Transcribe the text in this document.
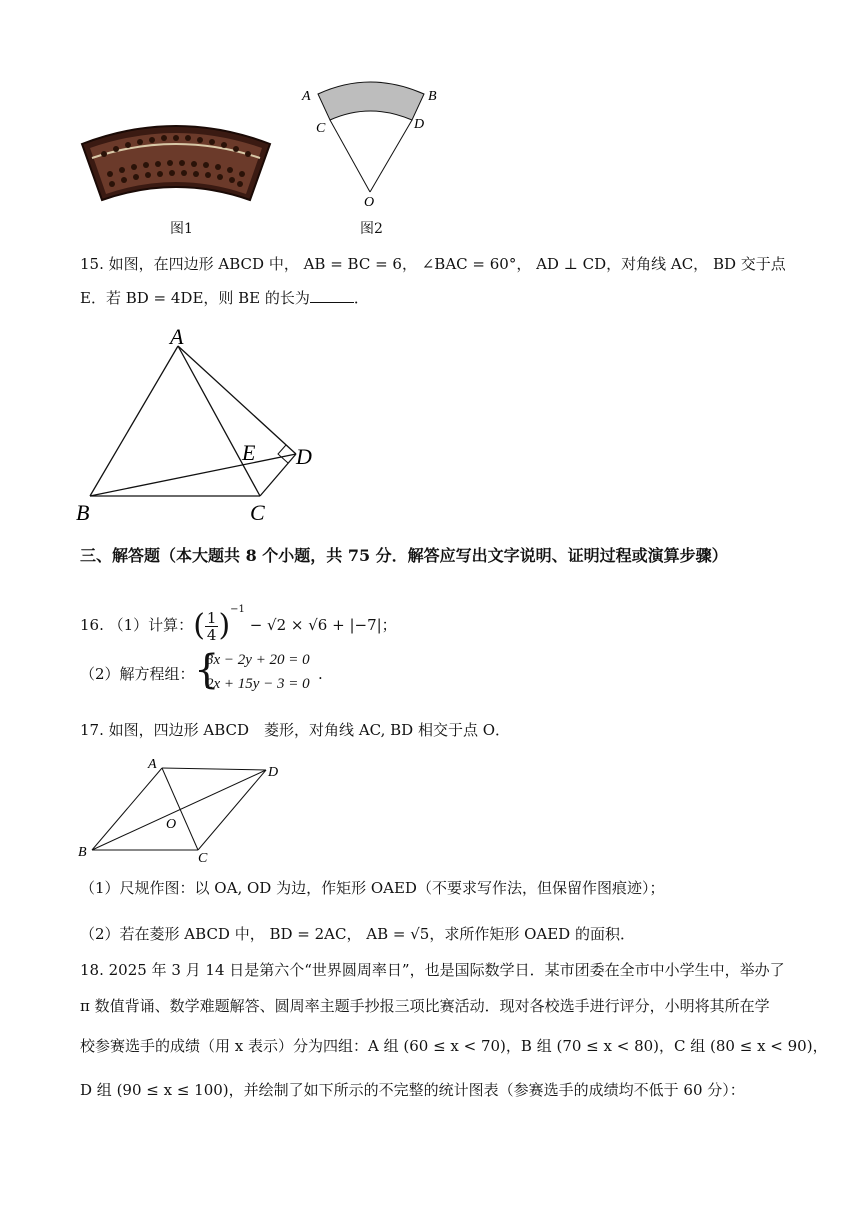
图1
A	B
C	D
O
图2
15. 如图，在四边形 ABCD 中， AB = BC = 6， ∠BAC = 60°， AD ⊥ CD，对角线 AC， BD 交于点
E．若 BD = 4DE，则 BE 的长为	．
A
B	C
D
E
三、解答题（本大题共 8 个小题，共 75 分．解答应写出文字说明、证明过程或演算步骤）
16. （1）计算：( $\frac{1}{4} )^{-1} - √2 \times √6 + |-7|$；
（2）解方程组： {
3x − 2y + 20 = 0
2x + 15y − 3 = 0
.
17. 如图，四边形 ABCD　菱形，对角线 AC, BD 相交于点 O．
A
D
B	C
O
（1）尺规作图：以 OA, OD 为边，作矩形 OAED（不要求写作法，但保留作图痕迹）；
（2）若在菱形 ABCD 中， BD = 2AC， AB = √5，求所作矩形 OAED 的面积．
18. 2025 年 3 月 14 日是第六个“世界圆周率日”，也是国际数学日．某市团委在全市中小学生中，举办了
π 数值背诵、数学难题解答、圆周率主题手抄报三项比赛活动．现对各校选手进行评分，小明将其所在学
校参赛选手的成绩（用 x 表示）分为四组：A 组 (60 ≤ x < 70)，B 组 (70 ≤ x < 80)，C 组 (80 ≤ x < 90)，
D 组 (90 ≤ x ≤ 100)，并绘制了如下所示的不完整的统计图表（参赛选手的成绩均不低于 60 分）：
